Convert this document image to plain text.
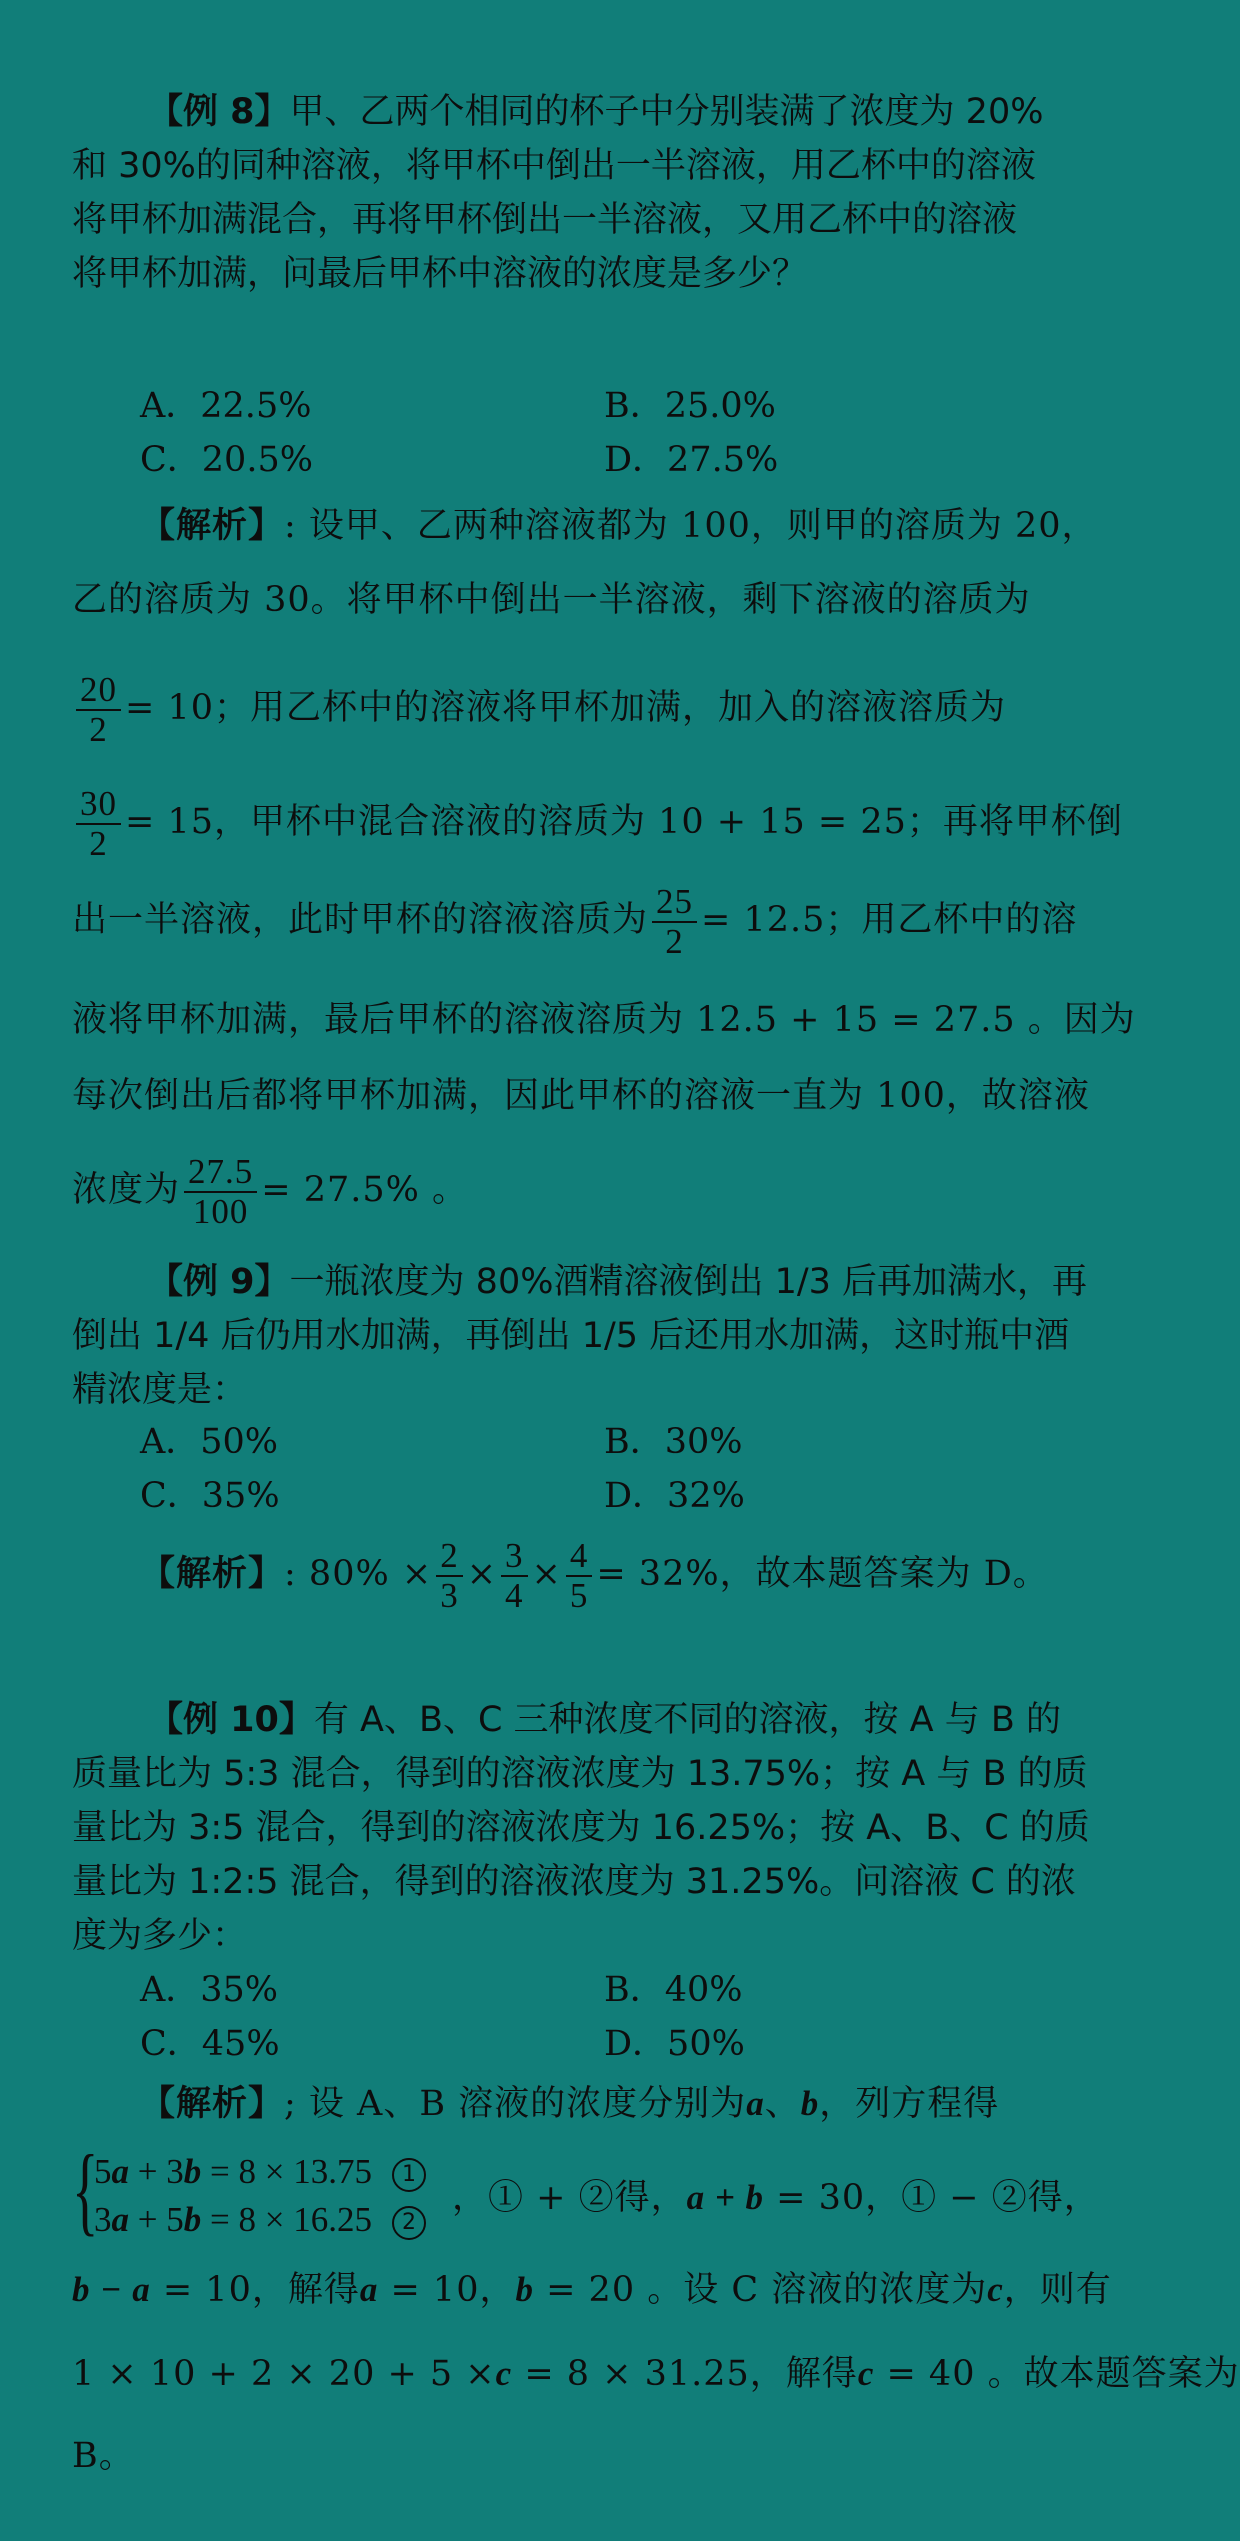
【例 8】甲、乙两个相同的杯子中分别装满了浓度为 20%
和 30%的同种溶液，将甲杯中倒出一半溶液，用乙杯中的溶液
将甲杯加满混合，再将甲杯倒出一半溶液，又用乙杯中的溶液
将甲杯加满，问最后甲杯中溶液的浓度是多少？
A．22.5%	B．25.0%
C．20.5%	D．27.5%
【解析】: 设甲、乙两种溶液都为 100，则甲的溶质为 20，
乙的溶质为 30。将甲杯中倒出一半溶液，剩下溶液的溶质为
$\frac{20}{2} = 10$；用乙杯中的溶液将甲杯加满，加入的溶液溶质为
$\frac{30}{2} = 15$，甲杯中混合溶液的溶质为 10 + 15 = 25；再将甲杯倒
出一半溶液，此时甲杯的溶液溶质为 $\frac{25}{2} = 12.5$；用乙杯中的溶
液将甲杯加满，最后甲杯的溶液溶质为 12.5 + 15 = 27.5 。因为
每次倒出后都将甲杯加满，因此甲杯的溶液一直为 100，故溶液
浓度为 $\frac{27.5}{100} = 27.5\%$ 。
【例 9】一瓶浓度为 80%酒精溶液倒出 1/3 后再加满水，再
倒出 1/4 后仍用水加满，再倒出 1/5 后还用水加满，这时瓶中酒
精浓度是：
A．50%	B．30%
C．35%	D．32%
【解析】: $80\% \times \frac{2}{3} \times \frac{3}{4} \times \frac{4}{5} = 32\%$，故本题答案为 D。
【例 10】有 A、B、C 三种浓度不同的溶液，按 A 与 B 的
质量比为 5:3 混合，得到的溶液浓度为 13.75%；按 A 与 B 的质
量比为 3:5 混合，得到的溶液浓度为 16.25%；按 A、B、C 的质
量比为 1:2:5 混合，得到的溶液浓度为 31.25%。问溶液 C 的浓
度为多少：
A．35%	B．40%
C．45%	D．50%
【解析】; 设 A、B 溶液的浓度分别为a、b，列方程得
{
5a + 3b = 8 × 13.75 1
3a + 5b = 8 × 16.25 2
，① + ②得，a + b = 30，① − ②得，
b − a = 10，解得a = 10，b = 20 。设 C 溶液的浓度为c，则有
1 × 10 + 2 × 20 + 5 ×c = 8 × 31.25，解得c = 40 。故本题答案为
B。
